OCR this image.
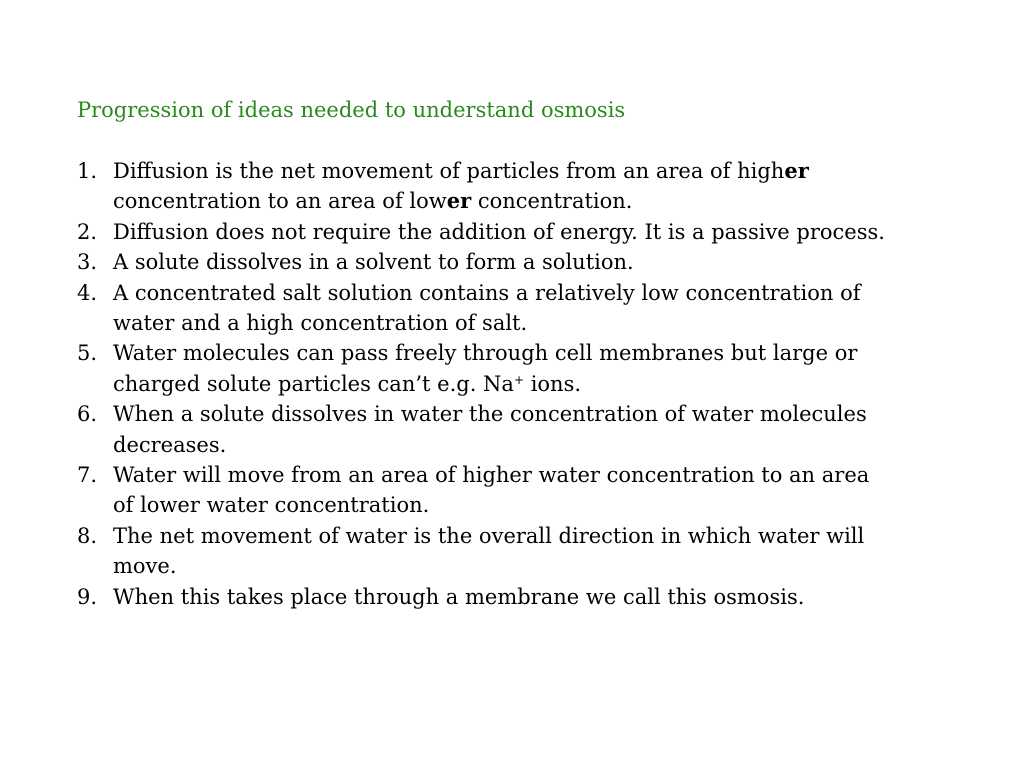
Progression of ideas needed to understand osmosis
1. Diffusion is the net movement of particles from an area of higher concentration to an area of lower concentration.
2. Diffusion does not require the addition of energy. It is a passive process.
3. A solute dissolves in a solvent to form a solution.
4. A concentrated salt solution contains a relatively low concentration of water and a high concentration of salt.
5. Water molecules can pass freely through cell membranes but large or charged solute particles can’t e.g. Na+ ions.
6. When a solute dissolves in water the concentration of water molecules decreases.
7. Water will move from an area of higher water concentration to an area of lower water concentration.
8. The net movement of water is the overall direction in which water will move.
9. When this takes place through a membrane we call this osmosis.
